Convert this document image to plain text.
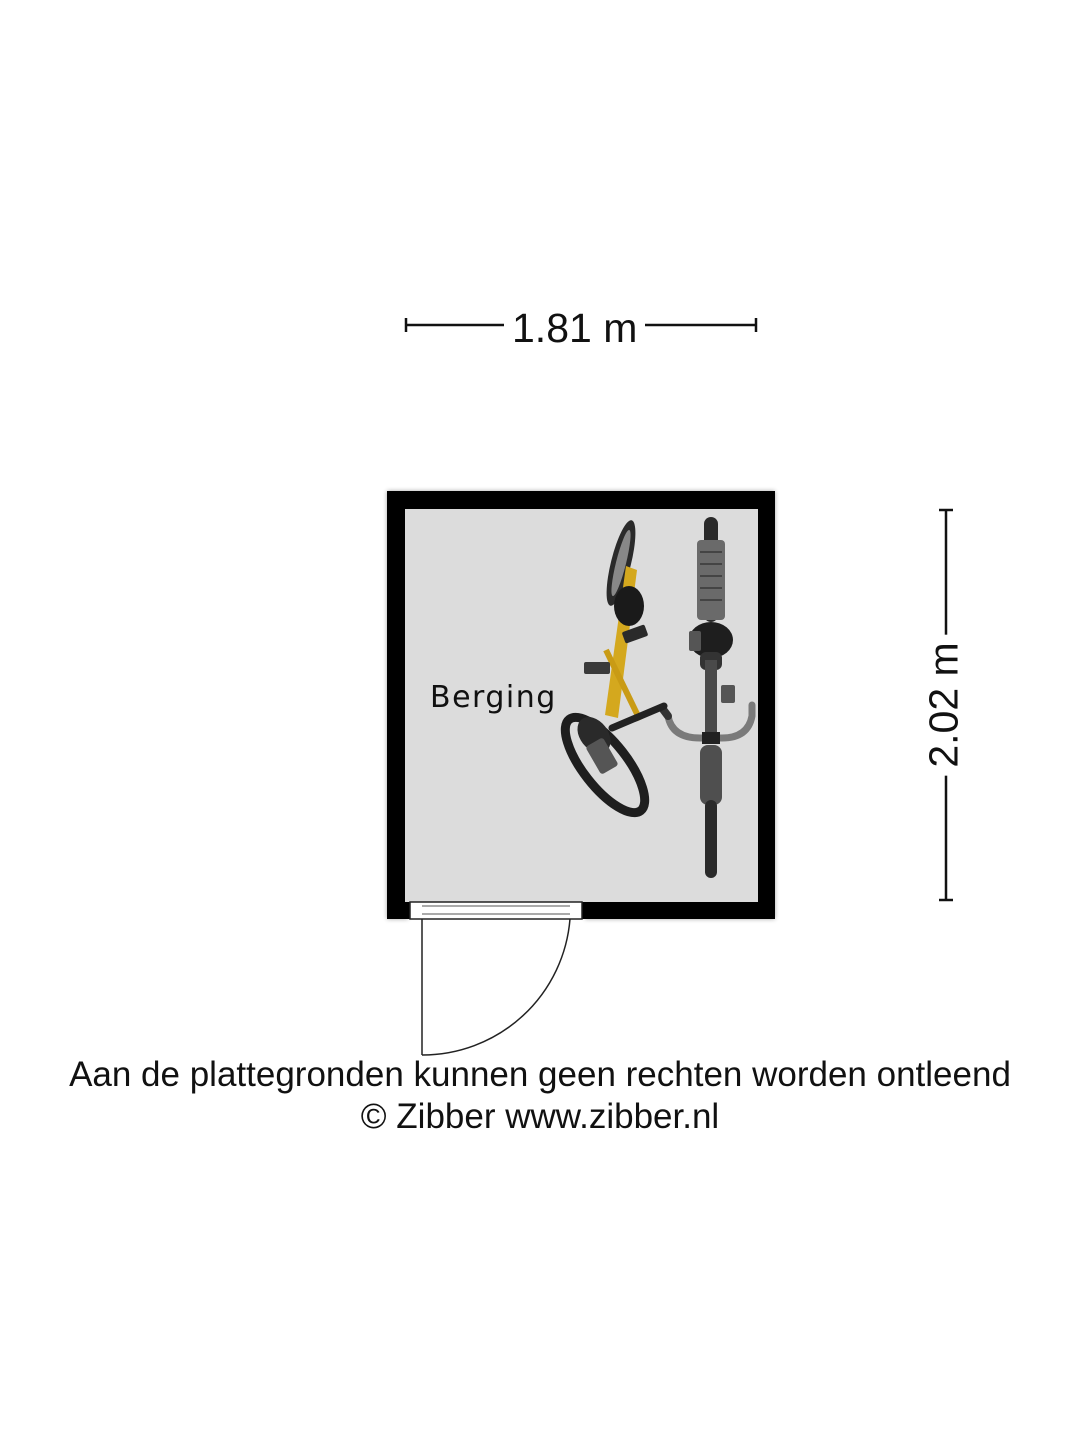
1.81 m
2.02 m
Berging
Aan de plattegronden kunnen geen rechten worden ontleend
© Zibber www.zibber.nl
